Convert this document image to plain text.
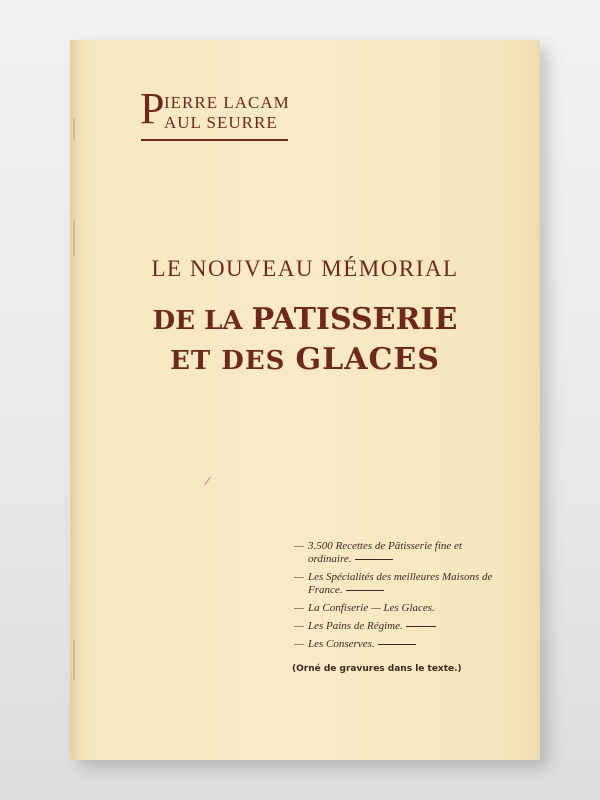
P
IERRE LACAM
AUL SEURRE
LE NOUVEAU MÉMORIAL
DE LA PATISSERIE
ET DES GLACES
— 3.500 Recettes de Pâtisserie fine et ordinaire.
— Les Spécialités des meilleures Maisons de France.
— La Confiserie — Les Glaces.
— Les Pains de Régime.
— Les Conserves.
(Orné de gravures dans le texte.)
